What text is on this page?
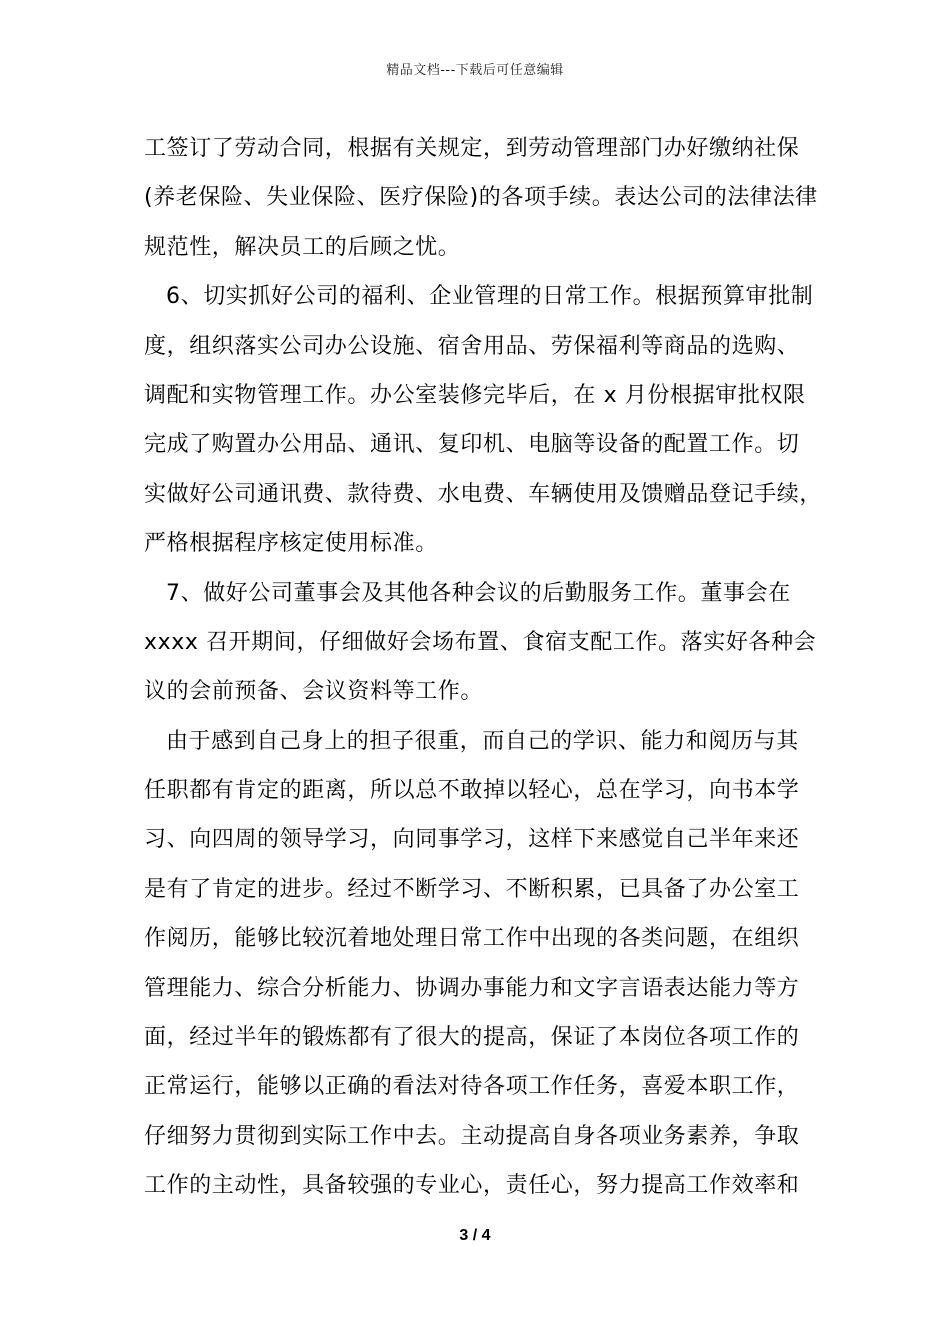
精品文档---下载后可任意编辑
工签订了劳动合同，根据有关规定，到劳动管理部门办好缴纳社保
(养老保险、失业保险、医疗保险)的各项手续。表达公司的法律法律
规范性，解决员工的后顾之忧。
6、切实抓好公司的福利、企业管理的日常工作。根据预算审批制
度，组织落实公司办公设施、宿舍用品、劳保福利等商品的选购、
调配和实物管理工作。办公室装修完毕后，在 x 月份根据审批权限
完成了购置办公用品、通讯、复印机、电脑等设备的配置工作。切
实做好公司通讯费、款待费、水电费、车辆使用及馈赠品登记手续，
严格根据程序核定使用标准。
7、做好公司董事会及其他各种会议的后勤服务工作。董事会在
xxxx 召开期间，仔细做好会场布置、食宿支配工作。落实好各种会
议的会前预备、会议资料等工作。
由于感到自己身上的担子很重，而自己的学识、能力和阅历与其
任职都有肯定的距离，所以总不敢掉以轻心，总在学习，向书本学
习、向四周的领导学习，向同事学习，这样下来感觉自己半年来还
是有了肯定的进步。经过不断学习、不断积累，已具备了办公室工
作阅历，能够比较沉着地处理日常工作中出现的各类问题，在组织
管理能力、综合分析能力、协调办事能力和文字言语表达能力等方
面，经过半年的锻炼都有了很大的提高，保证了本岗位各项工作的
正常运行，能够以正确的看法对待各项工作任务，喜爱本职工作，
仔细努力贯彻到实际工作中去。主动提高自身各项业务素养，争取
工作的主动性，具备较强的专业心，责任心，努力提高工作效率和
3 / 4
